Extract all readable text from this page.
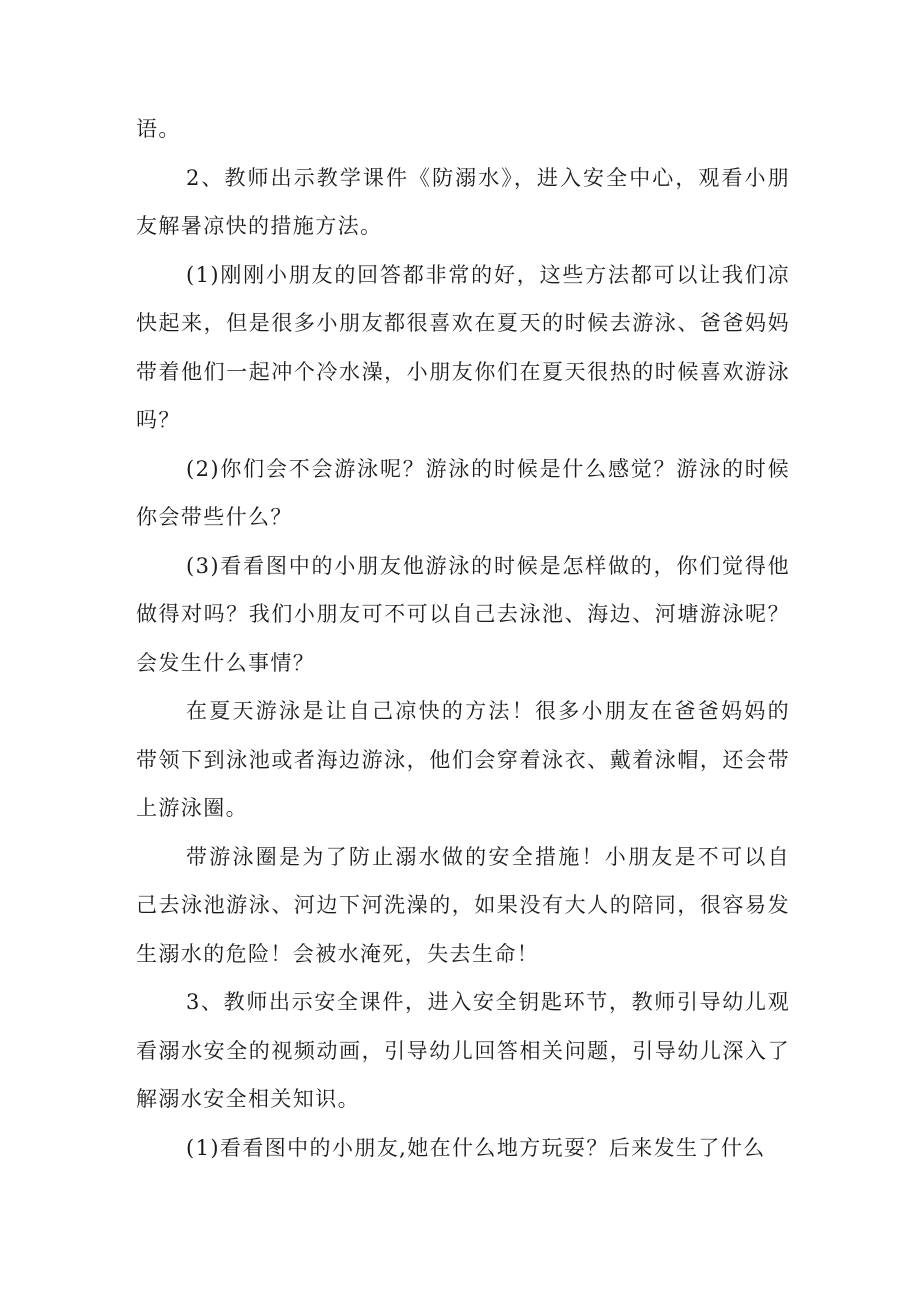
语。

2、教师出示教学课件《防溺水》，进入安全中心，观看小朋友解暑凉快的措施方法。

(1)刚刚小朋友的回答都非常的好，这些方法都可以让我们凉快起来，但是很多小朋友都很喜欢在夏天的时候去游泳、爸爸妈妈带着他们一起冲个冷水澡，小朋友你们在夏天很热的时候喜欢游泳吗？

(2)你们会不会游泳呢？游泳的时候是什么感觉？游泳的时候你会带些什么？

(3)看看图中的小朋友他游泳的时候是怎样做的，你们觉得他做得对吗？我们小朋友可不可以自己去泳池、海边、河塘游泳呢？会发生什么事情？

在夏天游泳是让自己凉快的方法！很多小朋友在爸爸妈妈的带领下到泳池或者海边游泳，他们会穿着泳衣、戴着泳帽，还会带上游泳圈。

带游泳圈是为了防止溺水做的安全措施！小朋友是不可以自己去泳池游泳、河边下河洗澡的，如果没有大人的陪同，很容易发生溺水的危险！会被水淹死，失去生命！

3、教师出示安全课件，进入安全钥匙环节，教师引导幼儿观看溺水安全的视频动画，引导幼儿回答相关问题，引导幼儿深入了解溺水安全相关知识。

(1)看看图中的小朋友,她在什么地方玩耍？后来发生了什么
